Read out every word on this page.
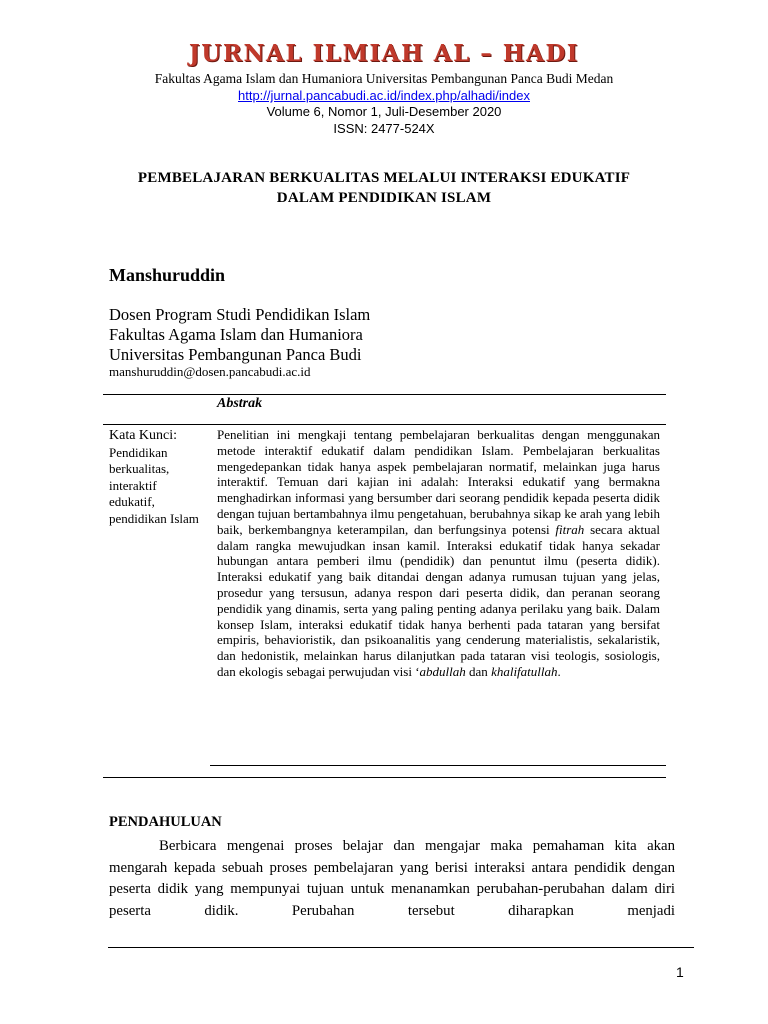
JURNAL ILMIAH AL – HADI
Fakultas Agama Islam dan Humaniora Universitas Pembangunan Panca Budi Medan
http://jurnal.pancabudi.ac.id/index.php/alhadi/index
Volume 6, Nomor 1, Juli-Desember 2020
ISSN: 2477-524X
PEMBELAJARAN BERKUALITAS MELALUI INTERAKSI EDUKATIF
DALAM PENDIDIKAN ISLAM
Manshuruddin
Dosen Program Studi Pendidikan Islam
Fakultas Agama Islam dan Humaniora
Universitas Pembangunan Panca Budi
manshuruddin@dosen.pancabudi.ac.id
Abstrak
Kata Kunci:
Pendidikan berkualitas, interaktif edukatif, pendidikan Islam

Penelitian ini mengkaji tentang pembelajaran berkualitas dengan menggunakan metode interaktif edukatif dalam pendidikan Islam. Pembelajaran berkualitas mengedepankan tidak hanya aspek pembelajaran normatif, melainkan juga harus interaktif. Temuan dari kajian ini adalah: Interaksi edukatif yang bermakna menghadirkan informasi yang bersumber dari seorang pendidik kepada peserta didik dengan tujuan bertambahnya ilmu pengetahuan, berubahnya sikap ke arah yang lebih baik, berkembangnya keterampilan, dan berfungsinya potensi fitrah secara aktual dalam rangka mewujudkan insan kamil. Interaksi edukatif tidak hanya sekadar hubungan antara pemberi ilmu (pendidik) dan penuntut ilmu (peserta didik). Interaksi edukatif yang baik ditandai dengan adanya rumusan tujuan yang jelas, prosedur yang tersusun, adanya respon dari peserta didik, dan peranan seorang pendidik yang dinamis, serta yang paling penting adanya perilaku yang baik. Dalam konsep Islam, interaksi edukatif tidak hanya berhenti pada tataran yang bersifat empiris, behavioristik, dan psikoanalitis yang cenderung materialistis, sekalaristik, dan hedonistik, melainkan harus dilanjutkan pada tataran visi teologis, sosiologis, dan ekologis sebagai perwujudan visi ‘abdullah dan khalifatullah.

PENDAHULUAN

Berbicara mengenai proses belajar dan mengajar maka pemahaman kita akan mengarah kepada sebuah proses pembelajaran yang berisi interaksi antara pendidik dengan peserta didik yang mempunyai tujuan untuk menanamkan perubahan-perubahan dalam diri peserta didik. Perubahan tersebut diharapkan menjadi

1
